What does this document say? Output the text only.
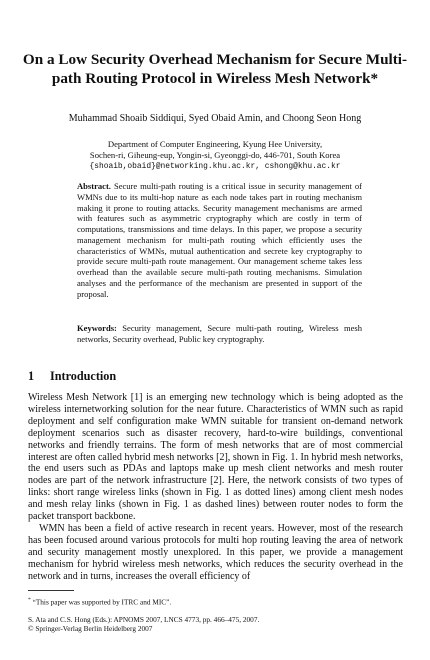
On a Low Security Overhead Mechanism for Secure Multi-path Routing Protocol in Wireless Mesh Network*
Muhammad Shoaib Siddiqui, Syed Obaid Amin, and Choong Seon Hong
Department of Computer Engineering, Kyung Hee University,
Sochen-ri, Giheung-eup, Yongin-si, Gyeonggi-do, 446-701, South Korea
{shoaib,obaid}@networking.khu.ac.kr, cshong@khu.ac.kr

Abstract. Secure multi-path routing is a critical issue in security management of WMNs due to its multi-hop nature as each node takes part in routing mechanism making it prone to routing attacks. Security management mechanisms are armed with features such as asymmetric cryptography which are costly in term of computations, transmissions and time delays. In this paper, we propose a security management mechanism for multi-path routing which efficiently uses the characteristics of WMNs, mutual authentication and secrete key cryptography to provide secure multi-path route management. Our management scheme takes less overhead than the available secure multi-path routing mechanisms. Simulation analyses and the performance of the mechanism are presented in support of the proposal.

Keywords: Security management, Secure multi-path routing, Wireless mesh networks, Security overhead, Public key cryptography.

1 Introduction

Wireless Mesh Network [1] is an emerging new technology which is being adopted as the wireless internetworking solution for the near future. Characteristics of WMN such as rapid deployment and self configuration make WMN suitable for transient on-demand network deployment scenarios such as disaster recovery, hard-to-wire buildings, conventional networks and friendly terrains. The form of mesh networks that are of most commercial interest are often called hybrid mesh networks [2], shown in Fig. 1. In hybrid mesh networks, the end users such as PDAs and laptops make up mesh client networks and mesh router nodes are part of the network infrastructure [2]. Here, the network consists of two types of links: short range wireless links (shown in Fig. 1 as dotted lines) among client mesh nodes and mesh relay links (shown in Fig. 1 as dashed lines) between router nodes to form the packet transport backbone.

WMN has been a field of active research in recent years. However, most of the research has been focused around various protocols for multi hop routing leaving the area of network and security management mostly unexplored. In this paper, we provide a management mechanism for hybrid wireless mesh networks, which reduces the security overhead in the network and in turns, increases the overall efficiency of

* “This paper was supported by ITRC and MIC”.
S. Ata and C.S. Hong (Eds.): APNOMS 2007, LNCS 4773, pp. 466–475, 2007.
© Springer-Verlag Berlin Heidelberg 2007
